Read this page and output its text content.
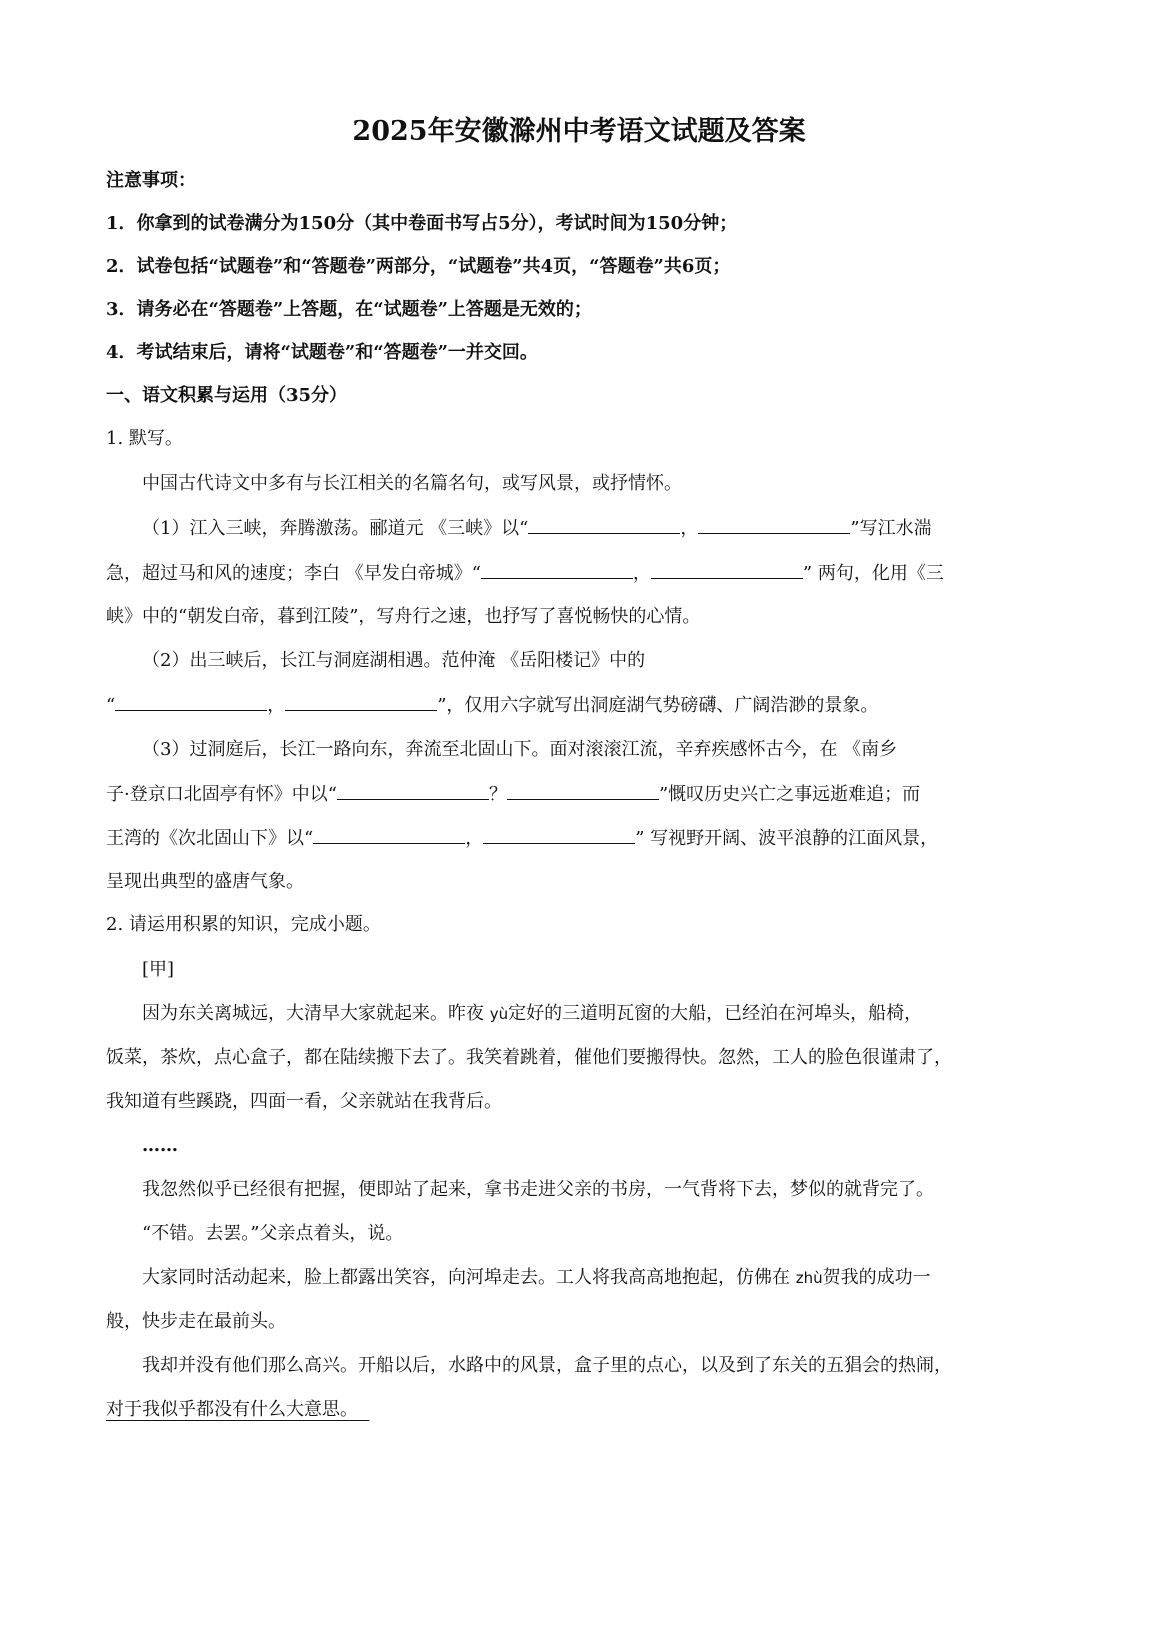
2025年安徽滁州中考语文试题及答案
注意事项：
1．你拿到的试卷满分为150分（其中卷面书写占5分），考试时间为150分钟；
2．试卷包括“试题卷”和“答题卷”两部分，“试题卷”共4页，“答题卷”共6页；
3．请务必在“答题卷”上答题，在“试题卷”上答题是无效的；
4．考试结束后，请将“试题卷”和“答题卷”一并交回。
一、语文积累与运用（35分）
1. 默写。
中国古代诗文中多有与长江相关的名篇名句，或写风景，或抒情怀。
（1）江入三峡，奔腾激荡。郦道元 《三峡》以“	，	”写江水湍
急，超过马和风的速度；李白 《早发白帝城》“	，	” 两句，化用《三
峡》中的“朝发白帝，暮到江陵”，写舟行之速，也抒写了喜悦畅快的心情。
（2）出三峡后，长江与洞庭湖相遇。范仲淹 《岳阳楼记》中的
“	，	”，仅用六字就写出洞庭湖气势磅礴、广阔浩渺的景象。
（3）过洞庭后，长江一路向东，奔流至北固山下。面对滚滚江流，辛弃疾感怀古今，在 《南乡
子·登京口北固亭有怀》中以“	？	”慨叹历史兴亡之事远逝难追；而
王湾的《次北固山下》以“	，	” 写视野开阔、波平浪静的江面风景，
呈现出典型的盛唐气象。
2. 请运用积累的知识，完成小题。
[甲]
因为东关离城远，大清早大家就起来。昨夜 yù定好的三道明瓦窗的大船，已经泊在河埠头，船椅，
饭菜，茶炊，点心盒子，都在陆续搬下去了。我笑着跳着，催他们要搬得快。忽然，工人的脸色很谨肃了，
我知道有些蹊跷，四面一看，父亲就站在我背后。
……
我忽然似乎已经很有把握，便即站了起来，拿书走进父亲的书房，一气背将下去，梦似的就背完了。
“不错。去罢。”父亲点着头，说。
大家同时活动起来，脸上都露出笑容，向河埠走去。工人将我高高地抱起，仿佛在 zhù贺我的成功一
般，快步走在最前头。
我却并没有他们那么高兴。开船以后，水路中的风景，盒子里的点心，以及到了东关的五猖会的热闹，
对于我似乎都没有什么大意思。
